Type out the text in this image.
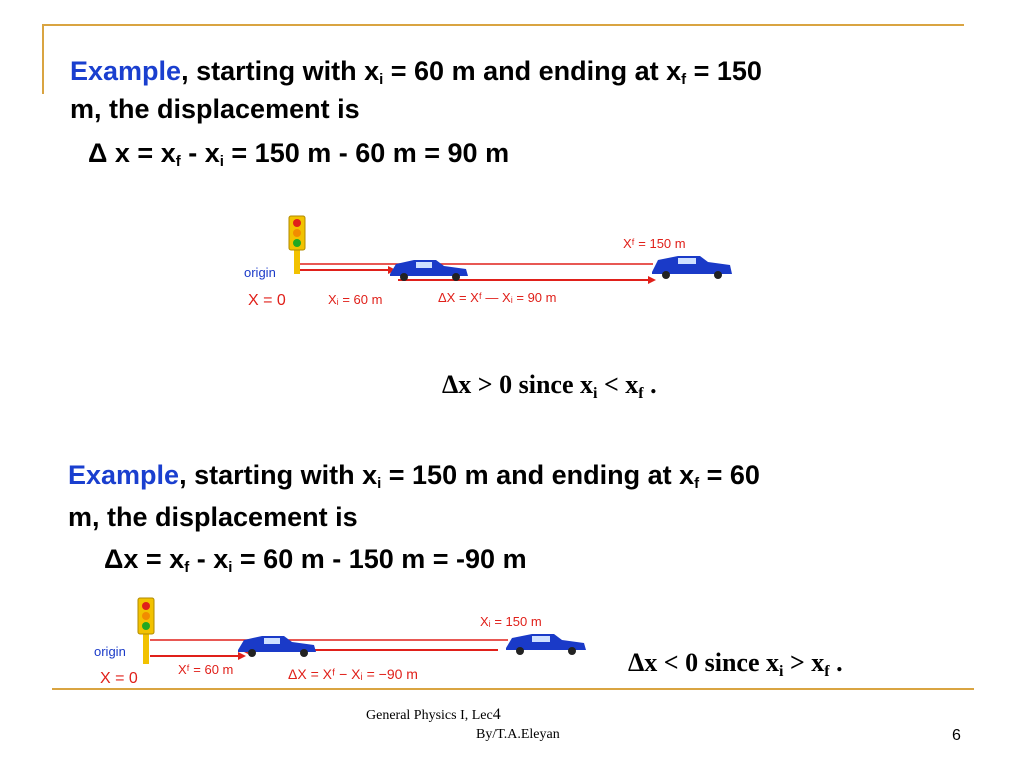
Example, starting with $x_i = 60$ m and ending at $x_f = 150$
m, the displacement is
Δ $x = x_f - x_i = 150$ m - 60 m = 90 m
origin
X = 0	Xᵢ = 60 m	ΔX = Xᶠ — Xᵢ = 90 m
Xᶠ = 150 m
Δx > 0 since $x_i < x_f$ .
Example, starting with $x_i = 150$ m and ending at $x_f = 60$
m, the displacement is
$\Delta x = x_f - x_i = 60$ m - 150 m = -90 m
origin
X = 0
Xᶠ = 60 m	ΔX = Xᶠ − Xᵢ = −90 m
Xᵢ = 150 m
Δx < 0 since $x_i > x_f$ .
General Physics I, Lec4
By/T.A.Eleyan	6
